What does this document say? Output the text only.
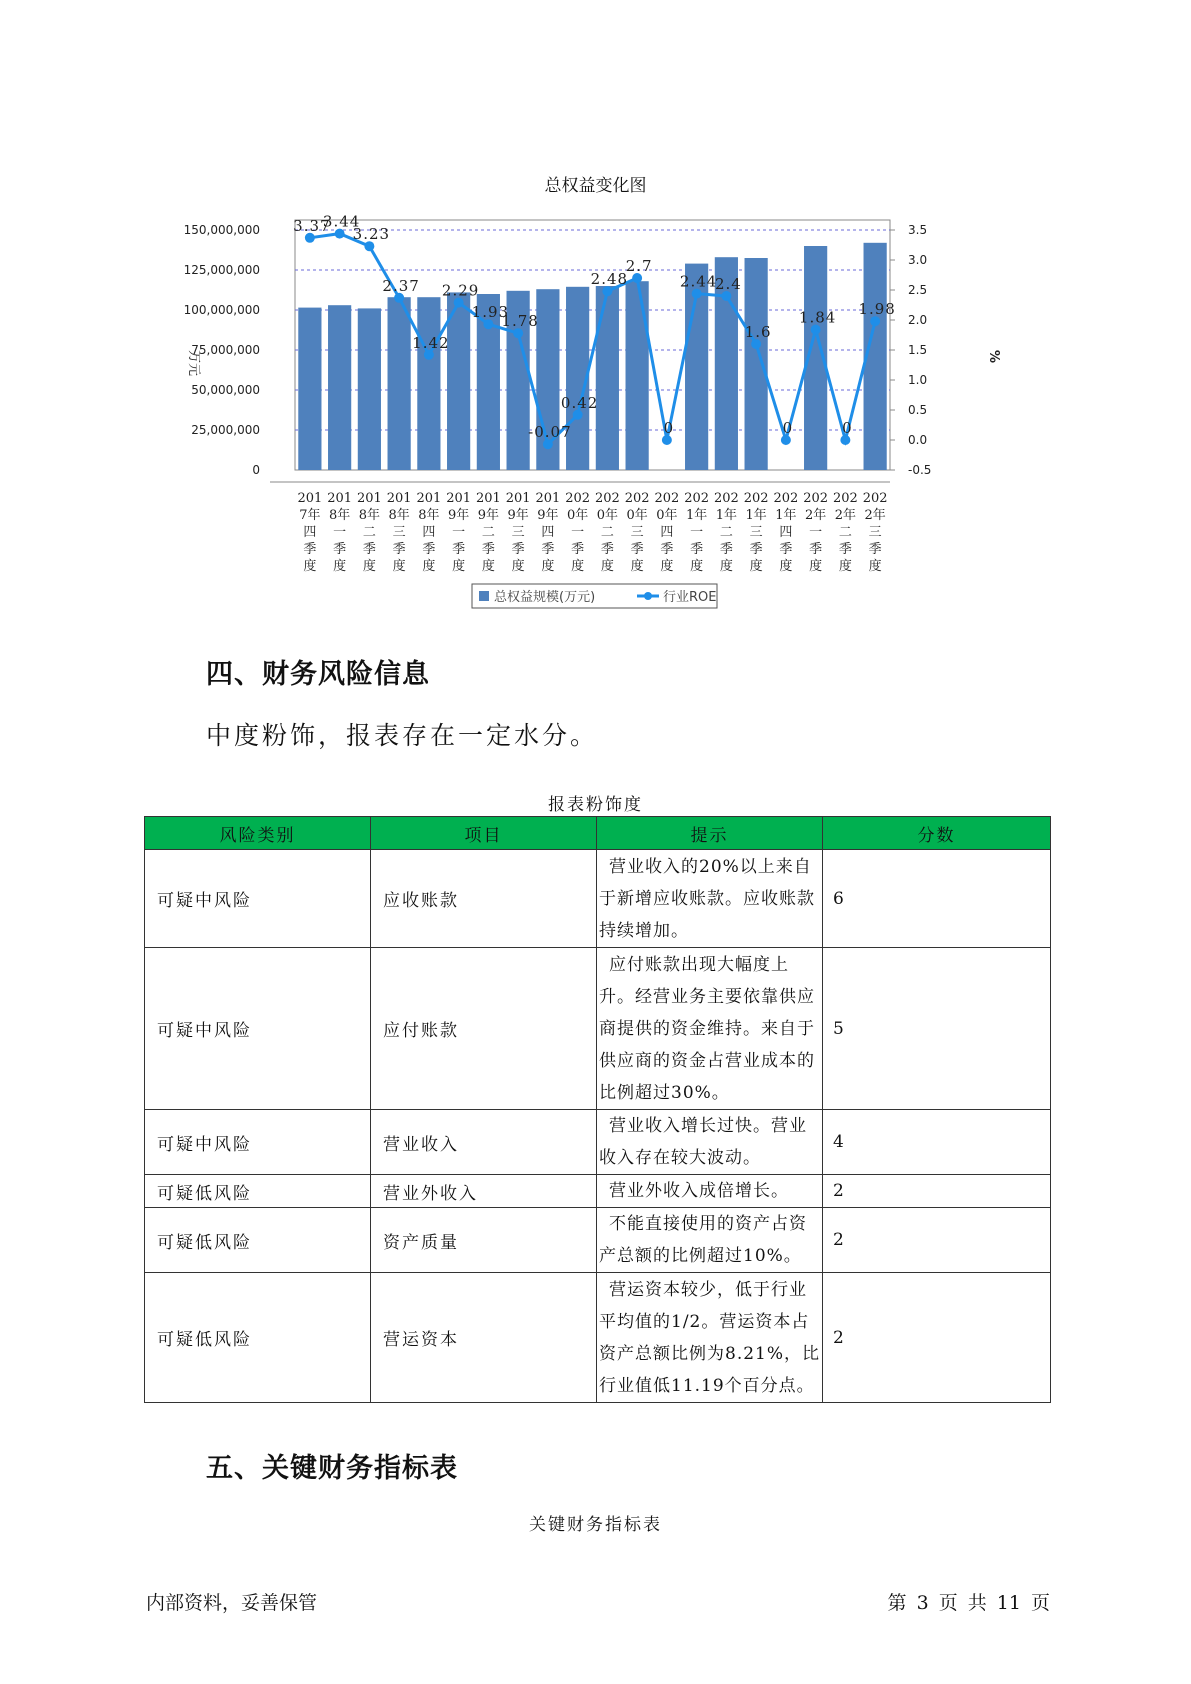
总权益变化图
0
25,000,000
50,000,000
75,000,000
100,000,000
125,000,000
150,000,000
-0.5
0.0
0.5
1.0
1.5
2.0
2.5
3.0
3.5
万元	%
3.37
3.44
3.23
2.37
1.42
2.29
1.93
1.78
-0.07
0.42
2.48
2.7
0
2.44
2.4
1.6
0
1.84
0
1.98
201
7年
四
季
度
201
8年
一
季
度
201
8年
二
季
度
201
8年
三
季
度
201
8年
四
季
度
201
9年
一
季
度
201
9年
二
季
度
201
9年
三
季
度
201
9年
四
季
度
202
0年
一
季
度
202
0年
二
季
度
202
0年
三
季
度
202
0年
四
季
度
202
1年
一
季
度
202
1年
二
季
度
202
1年
三
季
度
202
1年
四
季
度
202
2年
一
季
度
202
2年
二
季
度
202
2年
三
季
度
总权益规模(万元)	行业ROE
四、财务风险信息
中度粉饰，报表存在一定水分。
报表粉饰度
风险类别	项目	提示	分数
可疑中风险	应收账款	营业收入的20%以上来自于新增应收账款。应收账款持续增加。	6
可疑中风险	应付账款	应付账款出现大幅度上升。经营业务主要依靠供应商提供的资金维持。来自于供应商的资金占营业成本的比例超过30%。	5
可疑中风险	营业收入	营业收入增长过快。营业收入存在较大波动。	4
可疑低风险	营业外收入	营业外收入成倍增长。	2
可疑低风险	资产质量	不能直接使用的资产占资产总额的比例超过10%。	2
可疑低风险	营运资本	营运资本较少，低于行业平均值的1/2。营运资本占资产总额比例为8.21%，比行业值低11.19个百分点。	2
五、关键财务指标表
关键财务指标表
内部资料，妥善保管	第 3 页 共 11 页
